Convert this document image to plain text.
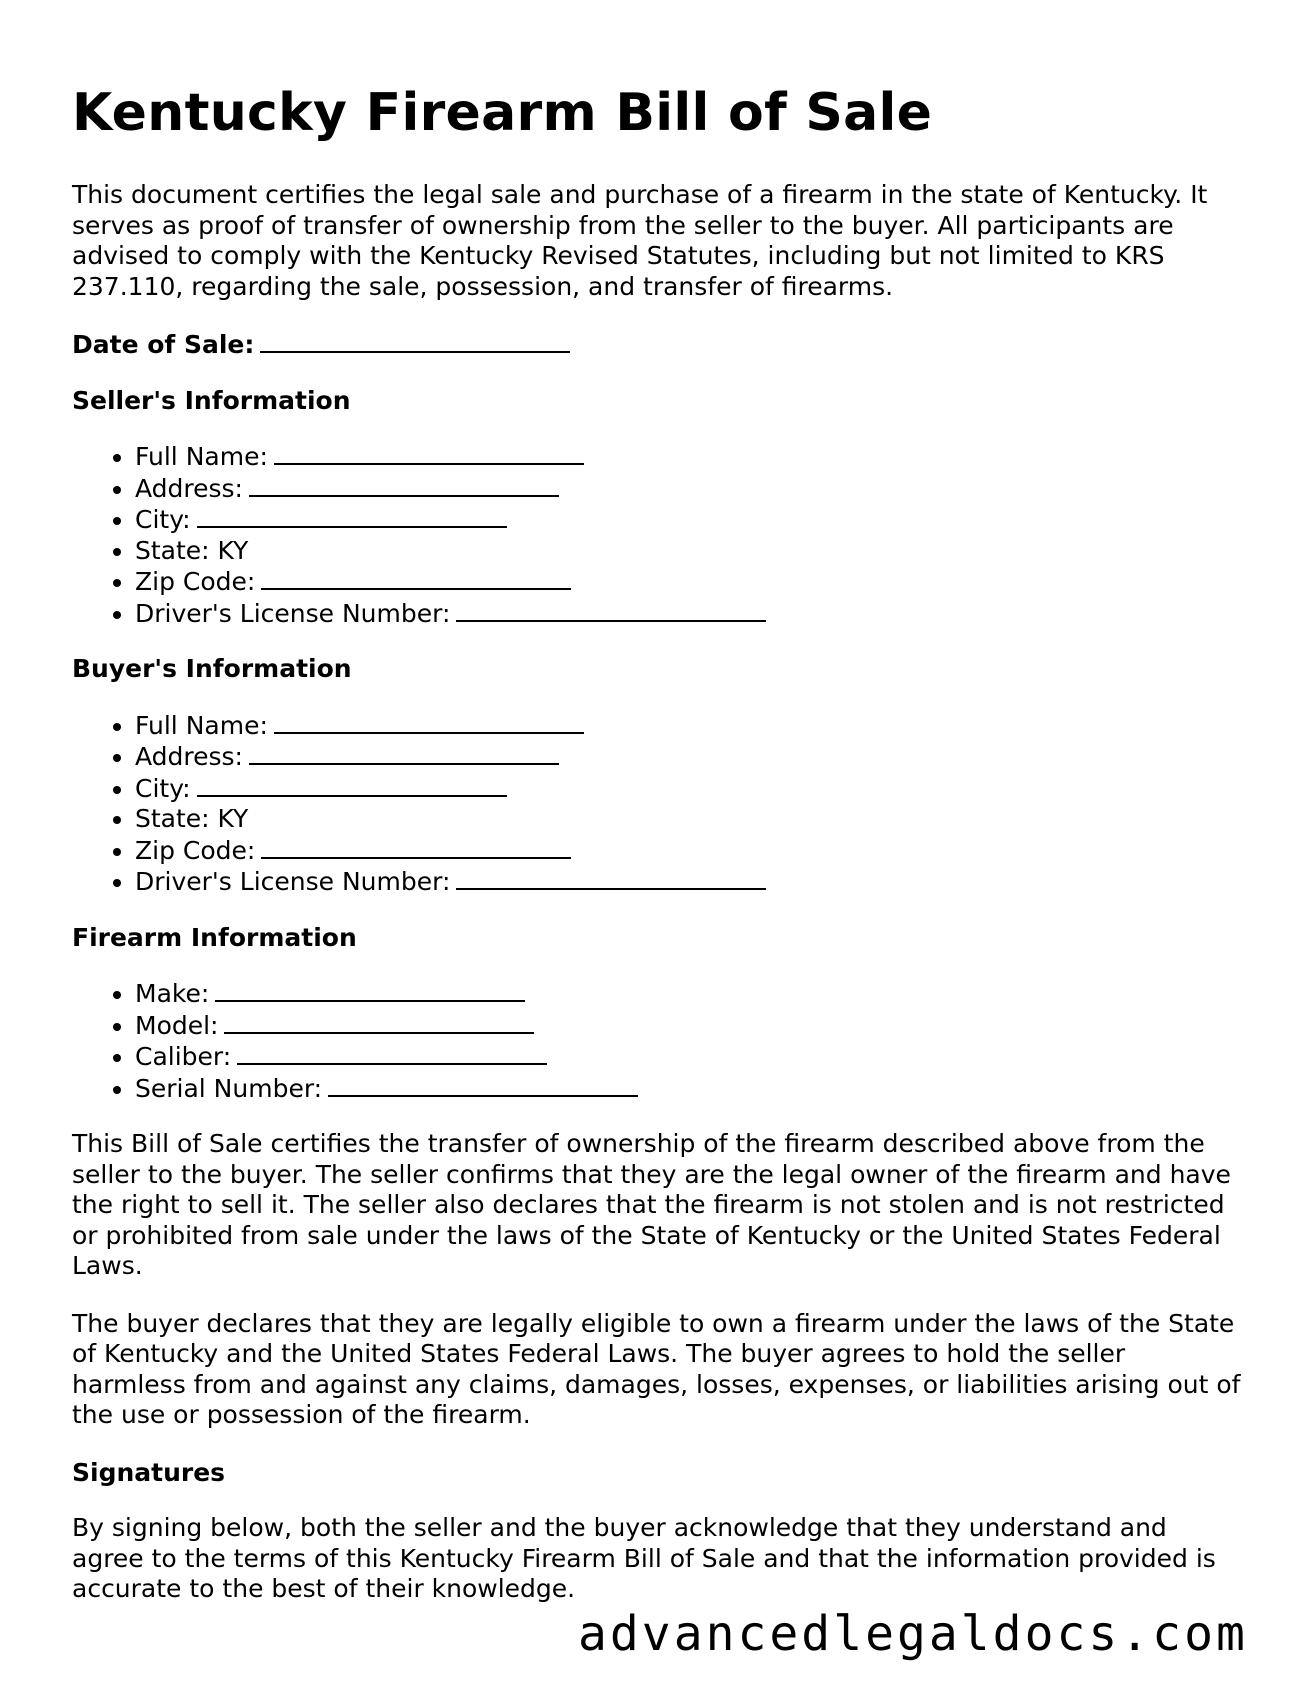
Kentucky Firearm Bill of Sale

This document certifies the legal sale and purchase of a firearm in the state of Kentucky. It serves as proof of transfer of ownership from the seller to the buyer. All participants are advised to comply with the Kentucky Revised Statutes, including but not limited to KRS 237.110, regarding the sale, possession, and transfer of firearms.

Date of Sale:
Seller's Information
• Full Name:
• Address:
• City:
• State: KY
• Zip Code:
• Driver's License Number:
Buyer's Information
• Full Name:
• Address:
• City:
• State: KY
• Zip Code:
• Driver's License Number:
Firearm Information
• Make:
• Model:
• Caliber:
• Serial Number:

This Bill of Sale certifies the transfer of ownership of the firearm described above from the seller to the buyer. The seller confirms that they are the legal owner of the firearm and have the right to sell it. The seller also declares that the firearm is not stolen and is not restricted or prohibited from sale under the laws of the State of Kentucky or the United States Federal Laws.

The buyer declares that they are legally eligible to own a firearm under the laws of the State of Kentucky and the United States Federal Laws. The buyer agrees to hold the seller harmless from and against any claims, damages, losses, expenses, or liabilities arising out of the use or possession of the firearm.

Signatures

By signing below, both the seller and the buyer acknowledge that they understand and agree to the terms of this Kentucky Firearm Bill of Sale and that the information provided is accurate to the best of their knowledge.

advancedlegaldocs.com
